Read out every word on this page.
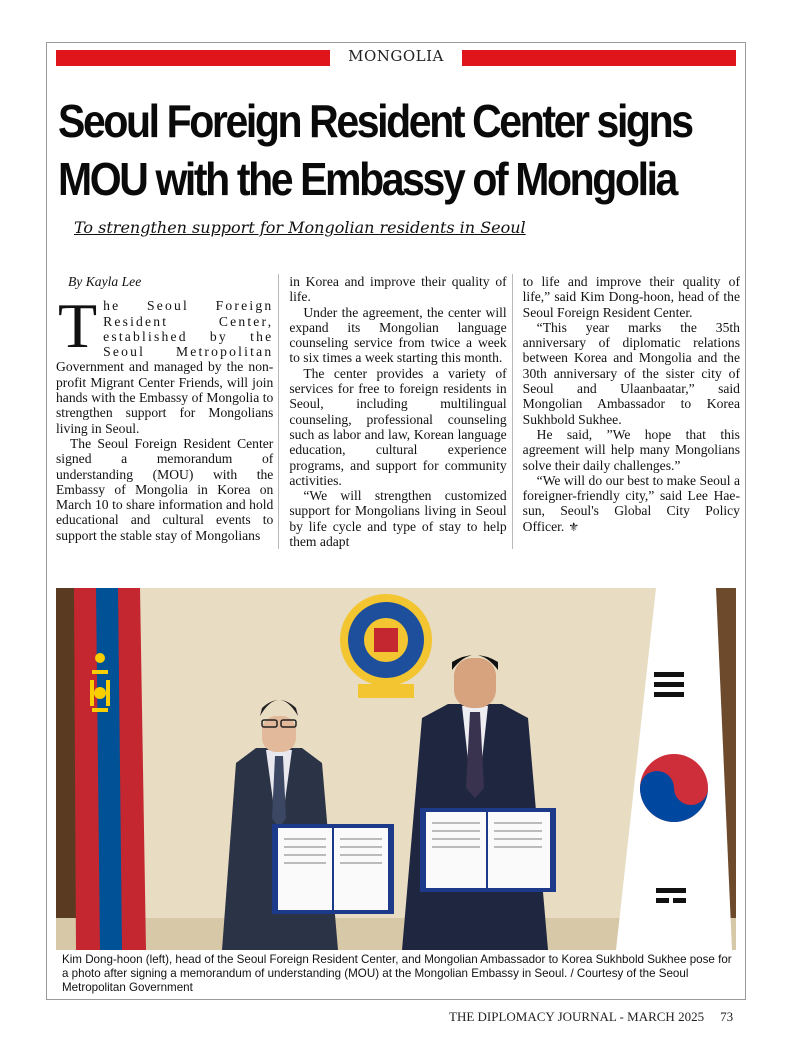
MONGOLIA
Seoul Foreign Resident Center signs
MOU with the Embassy of Mongolia
To strengthen support for Mongolian residents in Seoul
By Kayla Lee

The Seoul Foreign Resident Center, established by the Seoul Metropolitan Government and managed by the non-profit Migrant Center Friends, will join hands with the Embassy of Mongolia to strengthen support for Mongolians living in Seoul.

The Seoul Foreign Resident Center signed a memorandum of understanding (MOU) with the Embassy of Mongolia in Korea on March 10 to share information and hold educational and cultural events to support the stable stay of Mongolians

in Korea and improve their quality of life.

Under the agreement, the center will expand its Mongolian language counseling service from twice a week to six times a week starting this month.

The center provides a variety of services for free to foreign residents in Seoul, including multilingual counseling, professional counseling such as labor and law, Korean language education, cultural experience programs, and support for community activities.

“We will strengthen customized support for Mongolians living in Seoul by life cycle and type of stay to help them adapt

to life and improve their quality of life,” said Kim Dong-hoon, head of the Seoul Foreign Resident Center.

“This year marks the 35th anniversary of diplomatic relations between Korea and Mongolia and the 30th anniversary of the sister city of Seoul and Ulaanbaatar,” said Mongolian Ambassador to Korea Sukhbold Sukhee.

He said, ”We hope that this agreement will help many Mongolians solve their daily challenges.”

“We will do our best to make Seoul a foreigner-friendly city,” said Lee Hae-sun, Seoul's Global City Policy Officer. ⚜

Kim Dong-hoon (left), head of the Seoul Foreign Resident Center, and Mongolian Ambassador to Korea Sukhbold Sukhee pose for a photo after signing a memorandum of understanding (MOU) at the Mongolian Embassy in Seoul. / Courtesy of the Seoul Metropolitan Government
THE DIPLOMACY JOURNAL - MARCH 2025 73
